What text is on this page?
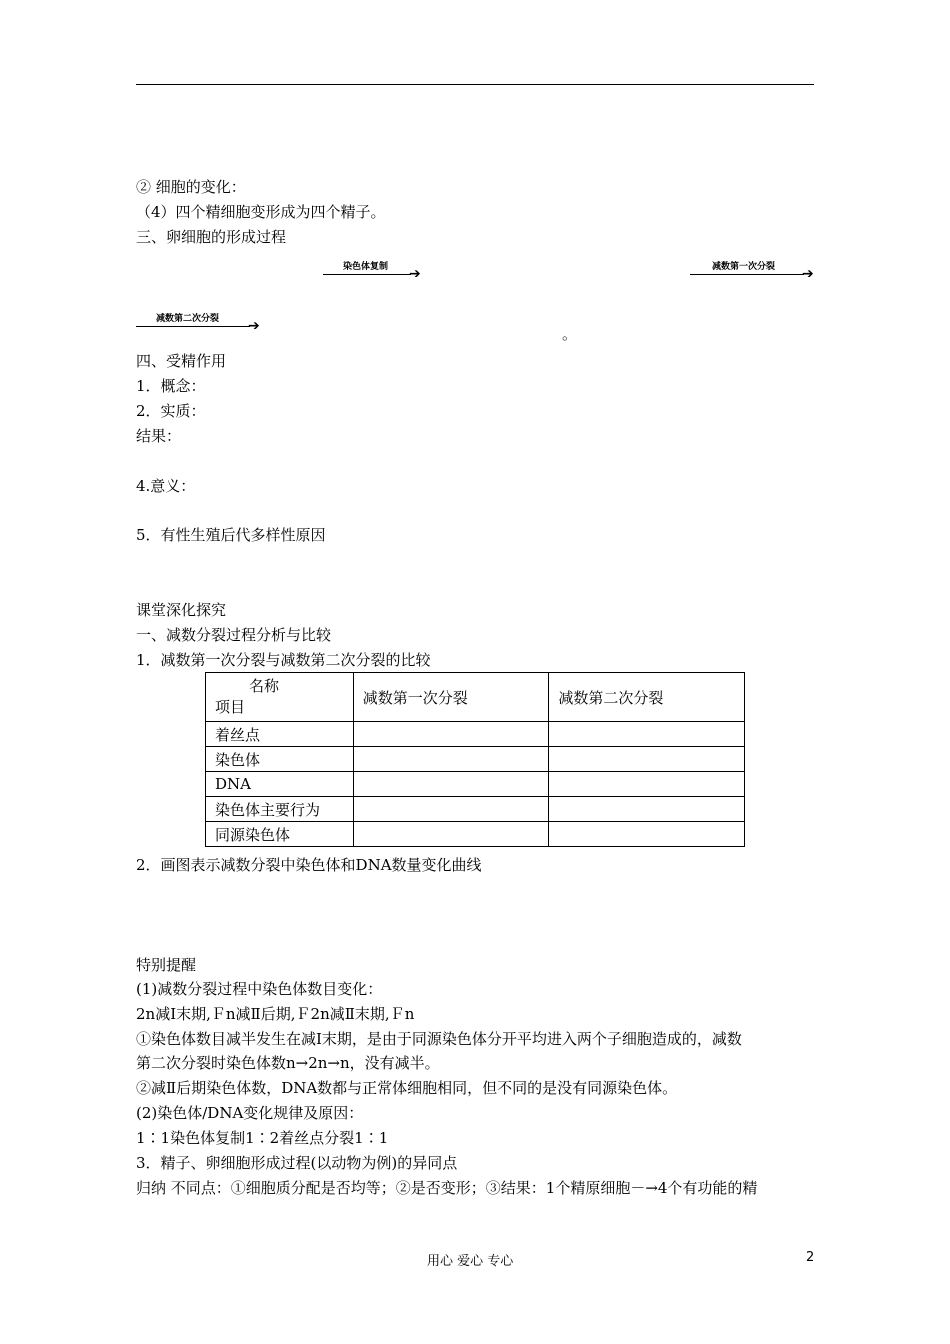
② 细胞的变化：
（4）四个精细胞变形成为四个精子。
三、卵细胞的形成过程
➔
染色体复制	➔
减数第一次分裂
➔
减数第二次分裂
。
四、受精作用
1．概念：
2．实质：
结果：
4.意义：
5．有性生殖后代多样性原因
课堂深化探究
一、减数分裂过程分析与比较
1．减数第一次分裂与减数第二次分裂的比较
名称
项目	减数第一次分裂	减数第二次分裂
着丝点		
染色体		
DNA		
染色体主要行为		
同源染色体		
2．画图表示减数分裂中染色体和DNA数量变化曲线
特别提醒
(1)减数分裂过程中染色体数目变化：
2n减Ⅰ末期,Ｆn减Ⅱ后期,Ｆ2n减Ⅱ末期,Ｆn
①染色体数目减半发生在减Ⅰ末期，是由于同源染色体分开平均进入两个子细胞造成的，减数
第二次分裂时染色体数n→2n→n，没有减半。
②减Ⅱ后期染色体数，DNA数都与正常体细胞相同，但不同的是没有同源染色体。
(2)染色体/DNA变化规律及原因：
1∶1染色体复制1∶2着丝点分裂1∶1
3．精子、卵细胞形成过程(以动物为例)的异同点
归纳 不同点：①细胞质分配是否均等；②是否变形；③结果：1个精原细胞－→4个有功能的精
用心 爱心 专心	2
